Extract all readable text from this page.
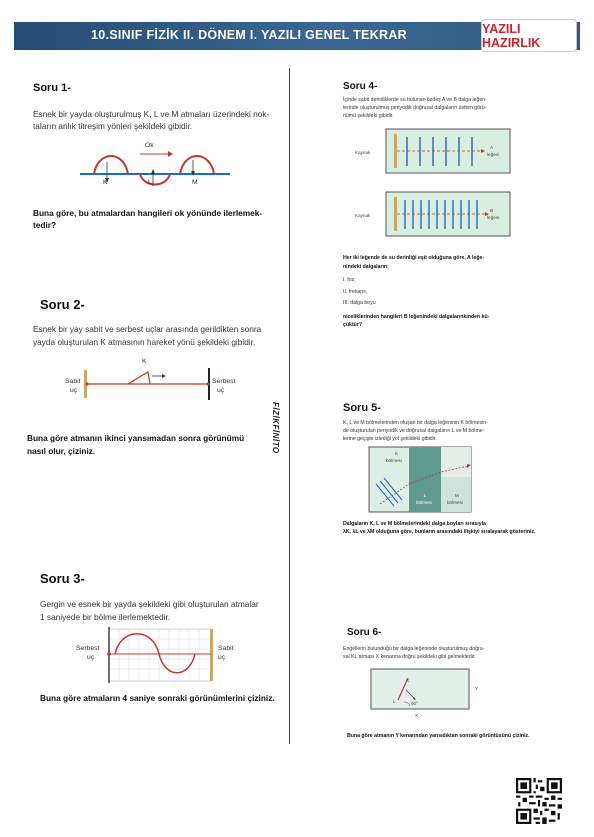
10.SINIF FİZİK II. DÖNEM I. YAZILI GENEL TEKRAR	YAZILI HAZIRLIK
FİZİKFİNİTO
Soru 1-
Esnek bir yayda oluşturulmuş K, L ve M atmaları üzerindeki nok-
taların anlık titreşim yönleri şekildeki gibidir.
Ok
K	L	M
Buna göre, bu atmalardan hangileri ok yönünde ilerlemek-
tedir?
Soru 2-
Esnek bir yay sabit ve serbest uçlar arasında gerildikten sonra
yayda oluşturulan K atmasının hareket yönü şekildeki gibidir.
K
Sabit
uç
Serbest
uç
Buna göre atmanın ikinci yansımadan sonra görünümü
nasıl olur, çiziniz.
Soru 3-
Gergin ve esnek bir yayda şekildeki gibi oluşturulan atmalar
1 saniyede bir bölme ilerlemektedir.
Serbest
uç
Sabit
uç
Buna göre atmaların 4 saniye sonraki görünümlerini çiziniz.
Soru 4-
İçinde sabit derinliklerde su bulunan özdeş A ve B dalga leğen-
lerinde oluşturulmuş periyodik doğrusal dalgaların üstten görü-
nümü şekildeki gibidir.
Kaynak
A
leğeni
Kaynak
B
leğeni
Her iki leğende de su derinliği eşit olduğuna göre, A leğe-
nindeki dalgaların;
I. hız,
II. frekans,
III. dalga boyu
niceliklerinden hangileri B leğenindeki dalgalarınkinden kü-
çüktür?
Soru 5-
K, L ve M bölmelerinden oluşan bir dalga leğeninin K bölmesin-
de oluşturulan periyodik ve doğrusal dalgaların L ve M bölme-
lerine geçişte izlediği yol şekildeki gibidir.
K
bölmesi
L
bölmesi
M
bölmesi
Dalgaların K, L ve M bölmelerindeki dalga boyları sırasıyla
λK, λL ve λM olduğuna göre, bunların arasındaki ilişkiyi sıralayarak gösteriniz.
Soru 6-
Engellerin bulunduğu bir dalga leğeninde oluşturulmuş doğru-
sal KL atması X kenarına doğru şekildeki gibi gelmektedir.
K
L	60°
X
Y
Buna göre atmanın Y kenarından yansıdıktan sonraki görüntüsünü çiziniz.
